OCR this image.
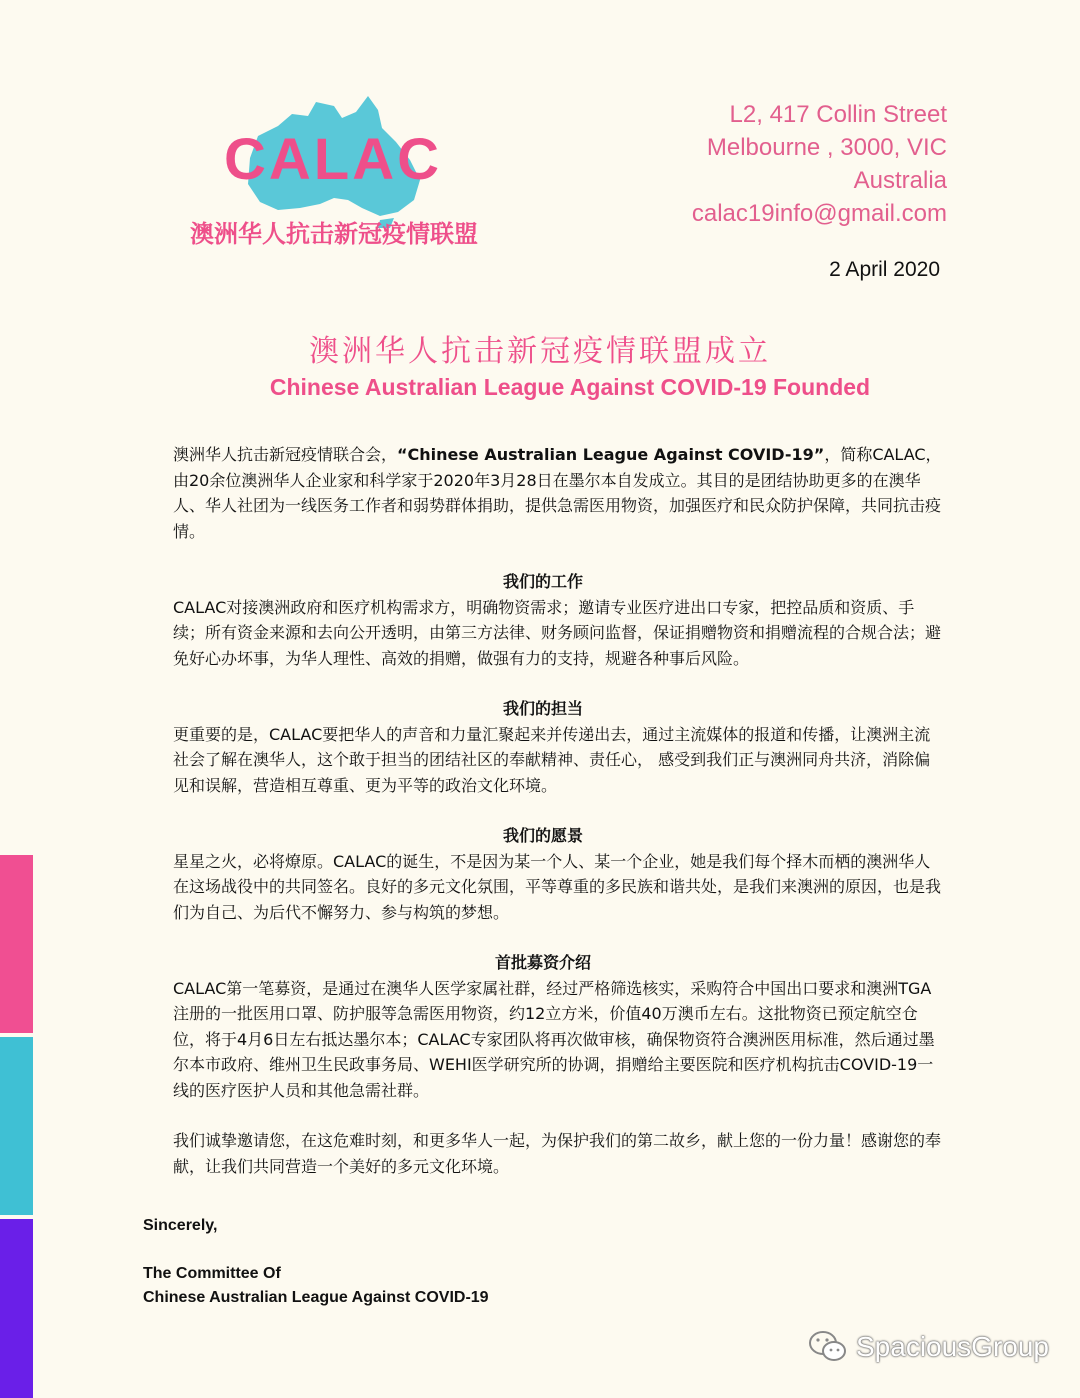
CALAC
澳洲华人抗击新冠疫情联盟
L2, 417 Collin Street
Melbourne , 3000, VIC
Australia
calac19info@gmail.com
2 April 2020
澳洲华人抗击新冠疫情联盟成立
Chinese Australian League Against COVID-19 Founded

澳洲华人抗击新冠疫情联合会，“Chinese Australian League Against COVID-19”，简称CALAC，由20余位澳洲华人企业家和科学家于2020年3月28日在墨尔本自发成立。其目的是团结协助更多的在澳华人、华人社团为一线医务工作者和弱势群体捐助，提供急需医用物资，加强医疗和民众防护保障，共同抗击疫情。

我们的工作

CALAC对接澳洲政府和医疗机构需求方，明确物资需求；邀请专业医疗进出口专家，把控品质和资质、手续；所有资金来源和去向公开透明，由第三方法律、财务顾问监督，保证捐赠物资和捐赠流程的合规合法；避免好心办坏事，为华人理性、高效的捐赠，做强有力的支持，规避各种事后风险。

我们的担当

更重要的是，CALAC要把华人的声音和力量汇聚起来并传递出去，通过主流媒体的报道和传播，让澳洲主流社会了解在澳华人，这个敢于担当的团结社区的奉献精神、责任心， 感受到我们正与澳洲同舟共济，消除偏见和误解，营造相互尊重、更为平等的政治文化环境。

我们的愿景

星星之火，必将燎原。CALAC的诞生，不是因为某一个人、某一个企业，她是我们每个择木而栖的澳洲华人在这场战役中的共同签名。良好的多元文化氛围，平等尊重的多民族和谐共处，是我们来澳洲的原因，也是我们为自己、为后代不懈努力、参与构筑的梦想。

首批募资介绍

CALAC第一笔募资，是通过在澳华人医学家属社群，经过严格筛选核实，采购符合中国出口要求和澳洲TGA注册的一批医用口罩、防护服等急需医用物资，约12立方米，价值40万澳币左右。这批物资已预定航空仓位，将于4月6日左右抵达墨尔本；CALAC专家团队将再次做审核，确保物资符合澳洲医用标准，然后通过墨尔本市政府、维州卫生民政事务局、WEHI医学研究所的协调，捐赠给主要医院和医疗机构抗击COVID-19一线的医疗医护人员和其他急需社群。

我们诚挚邀请您，在这危难时刻，和更多华人一起，为保护我们的第二故乡，献上您的一份力量！感谢您的奉献，让我们共同营造一个美好的多元文化环境。

Sincerely,
The Committee Of
Chinese Australian League Against COVID-19
SpaciousGroup
